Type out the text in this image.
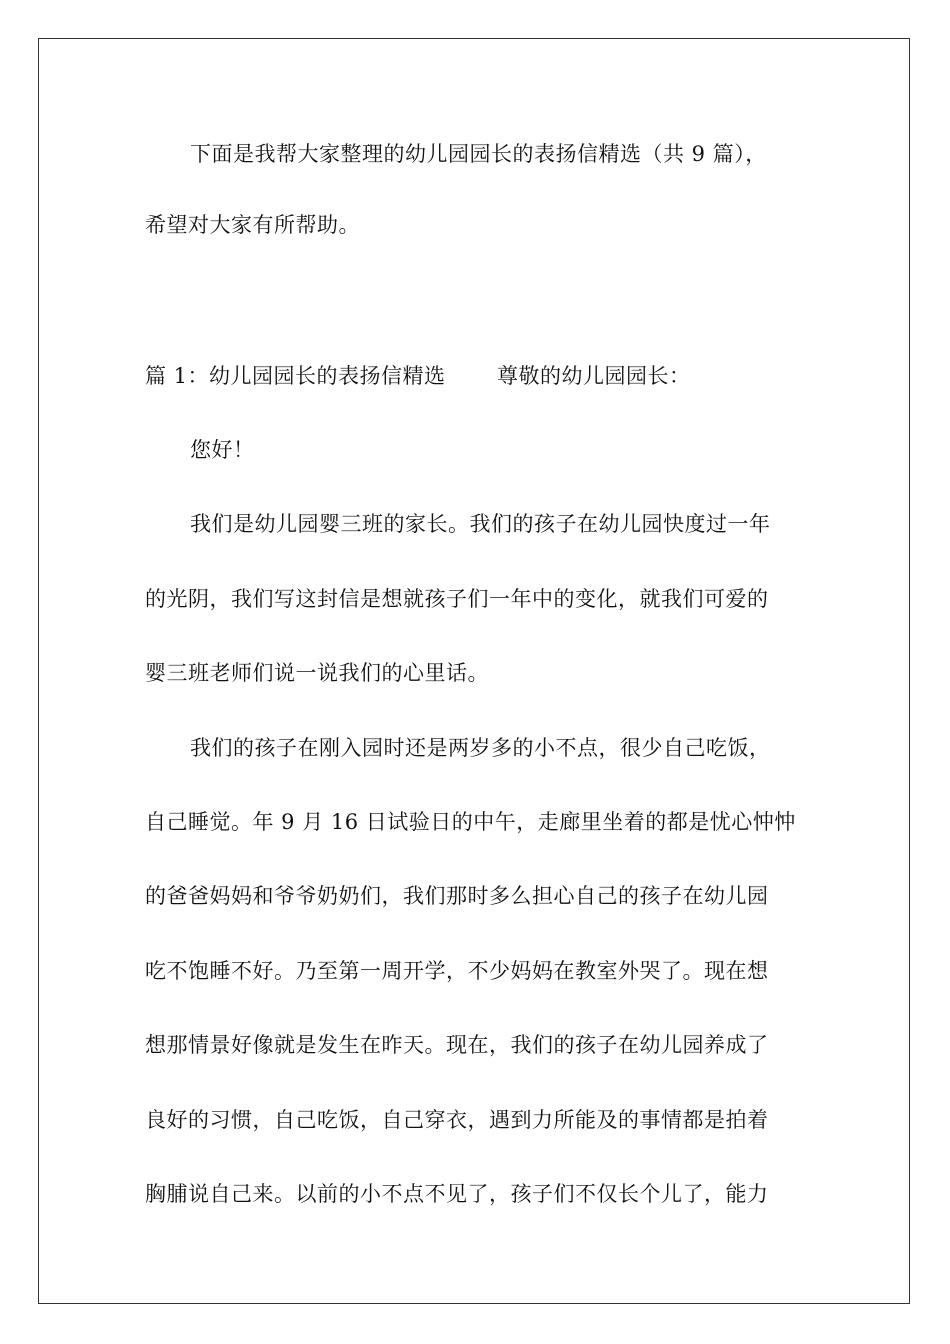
下面是我帮大家整理的幼儿园园长的表扬信精选（共 9 篇），
希望对大家有所帮助。
篇 1：幼儿园园长的表扬信精选 尊敬的幼儿园园长：
您好！
我们是幼儿园婴三班的家长。我们的孩子在幼儿园快度过一年
的光阴，我们写这封信是想就孩子们一年中的变化，就我们可爱的
婴三班老师们说一说我们的心里话。
我们的孩子在刚入园时还是两岁多的小不点，很少自己吃饭，
自己睡觉。年 9 月 16 日试验日的中午，走廊里坐着的都是忧心忡忡
的爸爸妈妈和爷爷奶奶们，我们那时多么担心自己的孩子在幼儿园
吃不饱睡不好。乃至第一周开学，不少妈妈在教室外哭了。现在想
想那情景好像就是发生在昨天。现在，我们的孩子在幼儿园养成了
良好的习惯，自己吃饭，自己穿衣，遇到力所能及的事情都是拍着
胸脯说自己来。以前的小不点不见了，孩子们不仅长个儿了，能力
